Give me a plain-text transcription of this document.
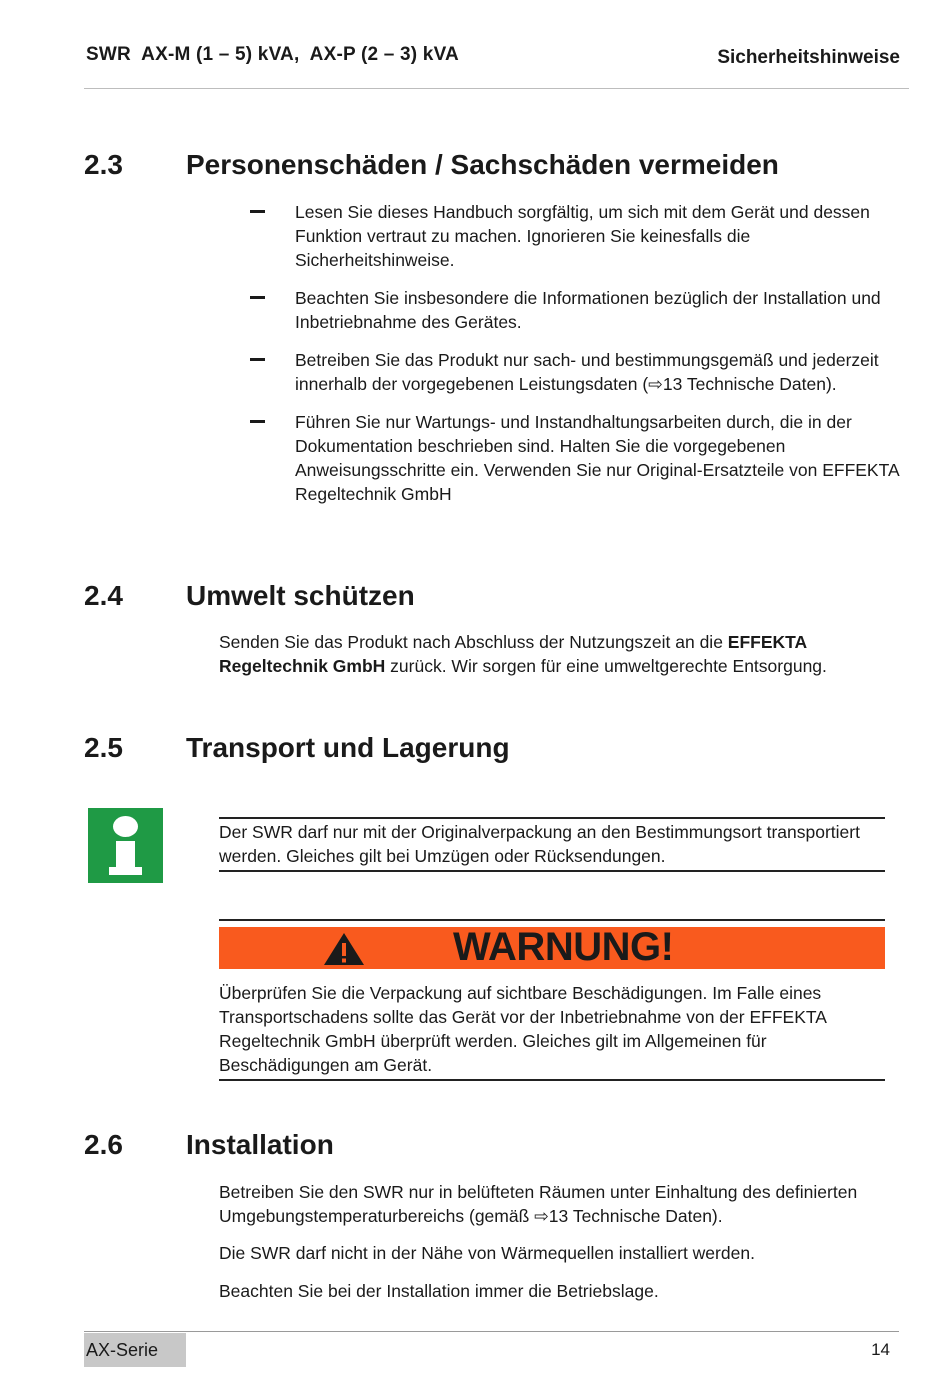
SWR  AX-M (1 – 5) kVA,  AX-P (2 – 3) kVA	Sicherheitshinweise
2.3 Personenschäden / Sachschäden vermeiden
Lesen Sie dieses Handbuch sorgfältig, um sich mit dem Gerät und dessen Funktion vertraut zu machen. Ignorieren Sie keinesfalls die Sicherheitshinweise.
Beachten Sie insbesondere die Informationen bezüglich der Installation und Inbetriebnahme des Gerätes.
Betreiben Sie das Produkt nur sach- und bestimmungsgemäß und jederzeit innerhalb der vorgegebenen Leistungsdaten (⇨13 Technische Daten).
Führen Sie nur Wartungs- und Instandhaltungsarbeiten durch, die in der Dokumentation beschrieben sind. Halten Sie die vorgegebenen Anweisungsschritte ein. Verwenden Sie nur Original-Ersatzteile von EFFEKTA Regeltechnik GmbH
2.4 Umwelt schützen
Senden Sie das Produkt nach Abschluss der Nutzungszeit an die EFFEKTA Regeltechnik GmbH zurück. Wir sorgen für eine umweltgerechte Entsorgung.
2.5 Transport und Lagerung
Der SWR darf nur mit der Originalverpackung an den Bestimmungsort transportiert werden. Gleiches gilt bei Umzügen oder Rücksendungen.
WARNUNG!
Überprüfen Sie die Verpackung auf sichtbare Beschädigungen. Im Falle eines Transportschadens sollte das Gerät vor der Inbetriebnahme von der EFFEKTA Regeltechnik GmbH überprüft werden. Gleiches gilt im Allgemeinen für Beschädigungen am Gerät.
2.6 Installation
Betreiben Sie den SWR nur in belüfteten Räumen unter Einhaltung des definierten Umgebungstemperaturbereichs (gemäß ⇨13 Technische Daten).
Die SWR darf nicht in der Nähe von Wärmequellen installiert werden.
Beachten Sie bei der Installation immer die Betriebslage.
AX-Serie	14
